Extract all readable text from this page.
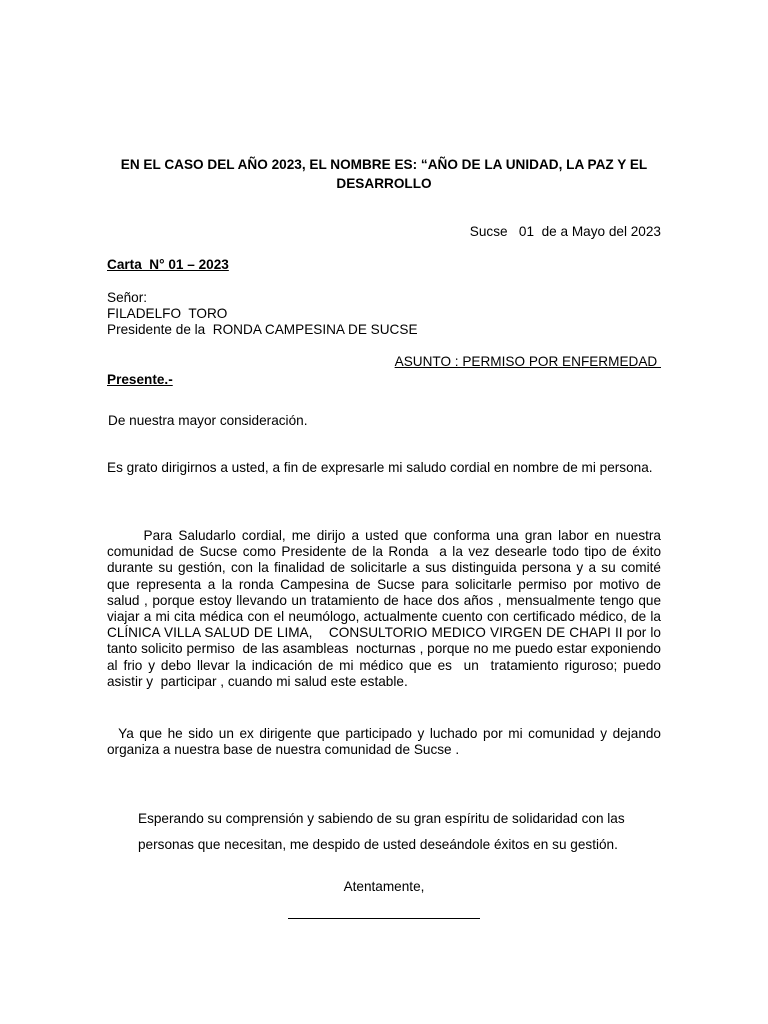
EN EL CASO DEL AÑO 2023, EL NOMBRE ES: “AÑO DE LA UNIDAD, LA PAZ Y EL DESARROLLO
Sucse   01  de a Mayo del 2023
Carta  N° 01 – 2023
Señor:
FILADELFO  TORO
Presidente de la  RONDA CAMPESINA DE SUCSE
ASUNTO : PERMISO POR ENFERMEDAD
Presente.-
De nuestra mayor consideración.
Es grato dirigirnos a usted, a fin de expresarle mi saludo cordial en nombre de mi persona.
Para Saludarlo cordial, me dirijo a usted que conforma una gran labor en nuestra comunidad de Sucse como Presidente de la Ronda  a la vez desearle todo tipo de éxito durante su gestión, con la finalidad de solicitarle a sus distinguida persona y a su comité que representa a la ronda Campesina de Sucse para solicitarle permiso por motivo de salud , porque estoy llevando un tratamiento de hace dos años , mensualmente tengo que viajar a mi cita médica con el neumólogo, actualmente cuento con certificado médico, de la CLÍNICA VILLA SALUD DE LIMA,    CONSULTORIO MEDICO VIRGEN DE CHAPI II por lo tanto solicito permiso  de las asambleas  nocturnas , porque no me puedo estar exponiendo al frio y debo llevar la indicación de mi médico que es  un  tratamiento riguroso; puedo asistir y  participar , cuando mi salud este estable.
Ya que he sido un ex dirigente que participado y luchado por mi comunidad y dejando organiza a nuestra base de nuestra comunidad de Sucse .
Esperando su comprensión y sabiendo de su gran espíritu de solidaridad con las personas que necesitan, me despido de usted deseándole éxitos en su gestión.
Atentamente,
